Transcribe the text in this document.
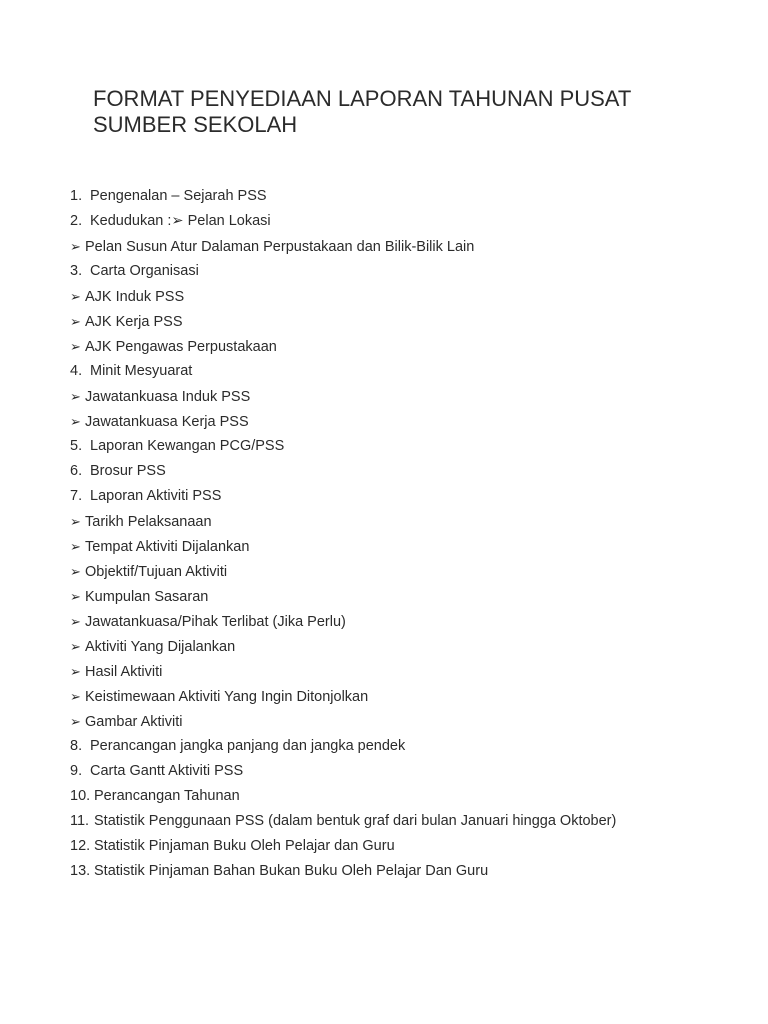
FORMAT PENYEDIAAN LAPORAN TAHUNAN PUSAT
SUMBER SEKOLAH
1. Pengenalan – Sejarah PSS
2. Kedudukan :➢ Pelan Lokasi
➢ Pelan Susun Atur Dalaman Perpustakaan dan Bilik-Bilik Lain
3. Carta Organisasi
➢ AJK Induk PSS
➢ AJK Kerja PSS
➢ AJK Pengawas Perpustakaan
4. Minit Mesyuarat
➢ Jawatankuasa Induk PSS
➢ Jawatankuasa Kerja PSS
5. Laporan Kewangan PCG/PSS
6. Brosur PSS
7. Laporan Aktiviti PSS
➢ Tarikh Pelaksanaan
➢ Tempat Aktiviti Dijalankan
➢ Objektif/Tujuan Aktiviti
➢ Kumpulan Sasaran
➢ Jawatankuasa/Pihak Terlibat (Jika Perlu)
➢ Aktiviti Yang Dijalankan
➢ Hasil Aktiviti
➢ Keistimewaan Aktiviti Yang Ingin Ditonjolkan
➢ Gambar Aktiviti
8. Perancangan jangka panjang dan jangka pendek
9. Carta Gantt Aktiviti PSS
10. Perancangan Tahunan
11. Statistik Penggunaan PSS (dalam bentuk graf dari bulan Januari hingga Oktober)
12. Statistik Pinjaman Buku Oleh Pelajar dan Guru
13. Statistik Pinjaman Bahan Bukan Buku Oleh Pelajar Dan Guru
